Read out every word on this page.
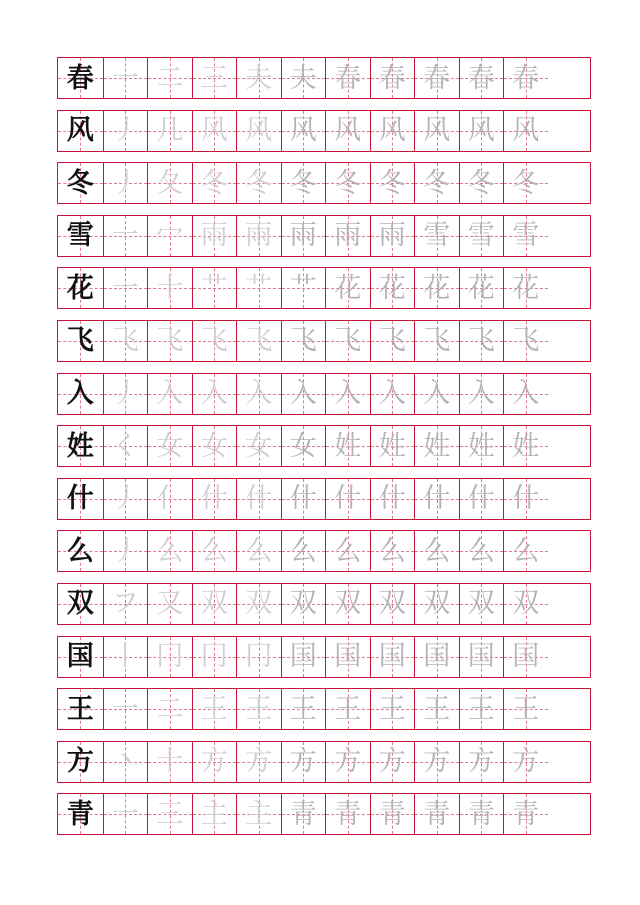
春 一 二 三 夫 夫 春 春 春 春 春
风 丿 几 风 风 风 风 风 风 风 风
冬 丿 夂 冬 冬 冬 冬 冬 冬 冬 冬
雪 一 冖 雨 雨 雨 雨 雨 雪 雪 雪
花 一 十 艹 艹 艹 花 花 花 花 花
飞 飞 飞 飞 飞 飞 飞 飞 飞 飞 飞
入 丿 入 入 入 入 入 入 入 入 入
姓 く 女 女 女 女 姓 姓 姓 姓 姓
什 丿 亻 什 什 什 什 什 什 什 什
么 丿 么 么 么 么 么 么 么 么 么
双 フ 又 双 双 双 双 双 双 双 双
国 丨 冂 冂 冂 国 国 国 国 国 国
王 一 二 王 王 王 王 王 王 王 王
方 丶 十 方 方 方 方 方 方 方 方
青 一 三 主 主 青 青 青 青 青 青
